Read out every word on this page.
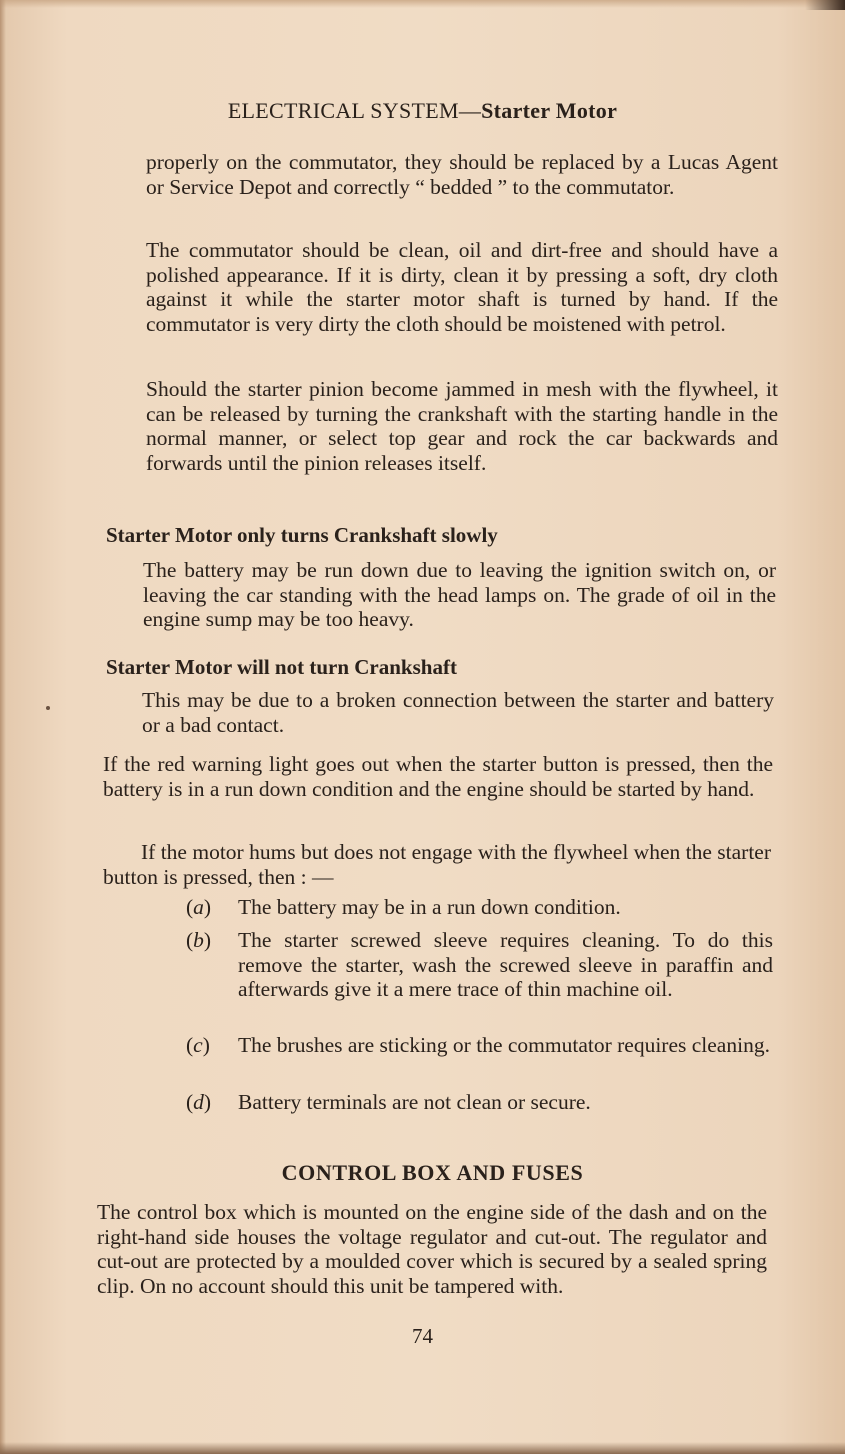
ELECTRICAL SYSTEM—Starter Motor

properly on the commutator, they should be replaced by a Lucas Agent or Service Depot and correctly “ bedded ” to the commutator.

The commutator should be clean, oil and dirt-free and should have a polished appearance. If it is dirty, clean it by pressing a soft, dry cloth against it while the starter motor shaft is turned by hand. If the commutator is very dirty the cloth should be moistened with petrol.

Should the starter pinion become jammed in mesh with the flywheel, it can be released by turning the crankshaft with the starting handle in the normal manner, or select top gear and rock the car backwards and forwards until the pinion releases itself.

Starter Motor only turns Crankshaft slowly

The battery may be run down due to leaving the ignition switch on, or leaving the car standing with the head lamps on. The grade of oil in the engine sump may be too heavy.

Starter Motor will not turn Crankshaft

This may be due to a broken connection between the starter and battery or a bad contact.

If the red warning light goes out when the starter button is pressed, then the battery is in a run down condition and the engine should be started by hand.

If the motor hums but does not engage with the flywheel when the starter button is pressed, then : —

(a) The battery may be in a run down condition.
(b) The starter screwed sleeve requires cleaning. To do this remove the starter, wash the screwed sleeve in paraffin and afterwards give it a mere trace of thin machine oil.
(c) The brushes are sticking or the commutator requires cleaning.
(d) Battery terminals are not clean or secure.
CONTROL BOX AND FUSES

The control box which is mounted on the engine side of the dash and on the right-hand side houses the voltage regulator and cut-out. The regulator and cut-out are protected by a moulded cover which is secured by a sealed spring clip. On no account should this unit be tampered with.

74
